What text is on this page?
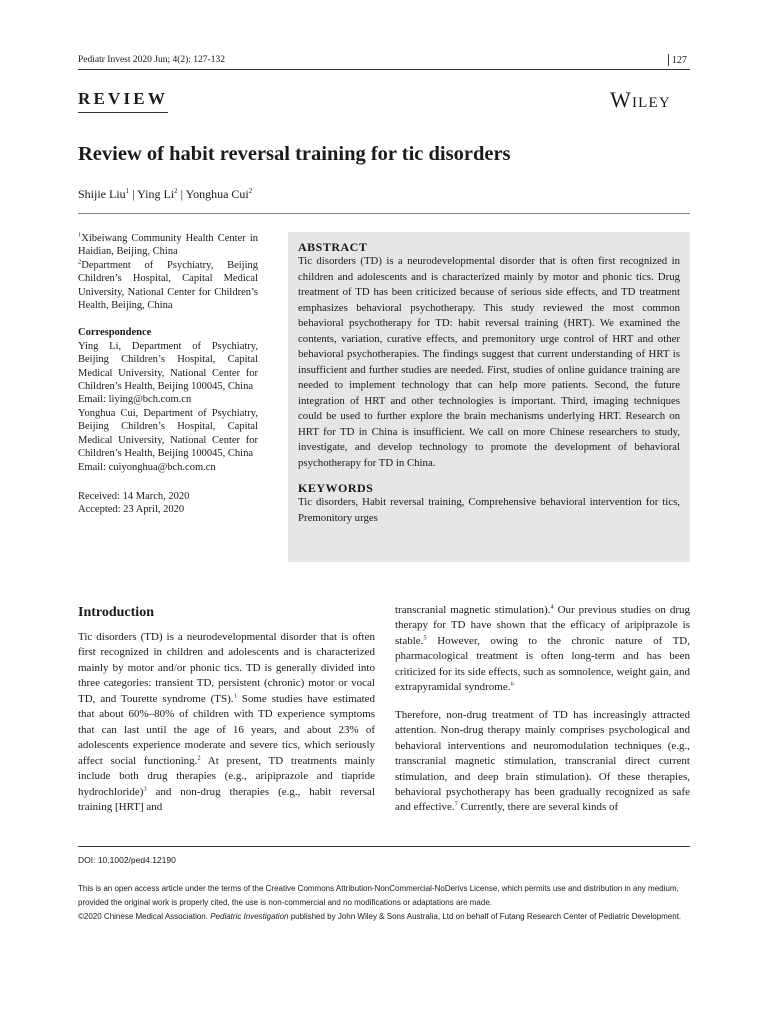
Pediatr Invest 2020 Jun; 4(2): 127-132	127
REVIEW	Wiley
Review of habit reversal training for tic disorders
Shijie Liu$^1$ | Ying Li$^2$ | Yonghua Cui$^2$

$^1$Xibeiwang Community Health Center in Haidian, Beijing, China

$^2$Department of Psychiatry, Beijing Children’s Hospital, Capital Medical University, National Center for Children’s Health, Beijing, China

Correspondence

Ying Li, Department of Psychiatry, Beijing Children’s Hospital, Capital Medical University, National Center for Children’s Health, Beijing 100045, China

Email: liying@bch.com.cn

Yonghua Cui, Department of Psychiatry, Beijing Children’s Hospital, Capital Medical University, National Center for Children’s Health, Beijing 100045, China

Email: cuiyonghua@bch.com.cn

Received: 14 March, 2020

Accepted: 23 April, 2020

ABSTRACT

Tic disorders (TD) is a neurodevelopmental disorder that is often first recognized in children and adolescents and is characterized mainly by motor and phonic tics. Drug treatment of TD has been criticized because of serious side effects, and TD treatment emphasizes behavioral psychotherapy. This study reviewed the most common behavioral psychotherapy for TD: habit reversal training (HRT). We examined the contents, variation, curative effects, and premonitory urge control of HRT and other behavioral psychotherapies. The findings suggest that current understanding of HRT is insufficient and further studies are needed. First, studies of online guidance training are needed to implement technology that can help more patients. Second, the future integration of HRT and other technologies is important. Third, imaging techniques could be used to further explore the brain mechanisms underlying HRT. Research on HRT for TD in China is insufficient. We call on more Chinese researchers to study, investigate, and develop technology to promote the development of behavioral psychotherapy for TD in China.

KEYWORDS

Tic disorders, Habit reversal training, Comprehensive behavioral intervention for tics, Premonitory urges

Introduction

Tic disorders (TD) is a neurodevelopmental disorder that is often first recognized in children and adolescents and is characterized mainly by motor and/or phonic tics. TD is generally divided into three categories: transient TD, persistent (chronic) motor or vocal TD, and Tourette syndrome (TS).$^1$ Some studies have estimated that about 60%–80% of children with TD experience symptoms that can last until the age of 16 years, and about 23% of adolescents experience moderate and severe tics, which seriously affect social functioning.$^2$ At present, TD treatments mainly include both drug therapies (e.g., aripiprazole and tiapride hydrochloride)$^3$ and non-drug therapies (e.g., habit reversal training [HRT] and

transcranial magnetic stimulation).$^4$ Our previous studies on drug therapy for TD have shown that the efficacy of aripiprazole is stable.$^5$ However, owing to the chronic nature of TD, pharmacological treatment is often long-term and has been criticized for its side effects, such as somnolence, weight gain, and extrapyramidal syndrome.$^6$

Therefore, non-drug treatment of TD has increasingly attracted attention. Non-drug therapy mainly comprises psychological and behavioral interventions and neuromodulation techniques (e.g., transcranial magnetic stimulation, transcranial direct current stimulation, and deep brain stimulation). Of these therapies, behavioral psychotherapy has been gradually recognized as safe and effective.$^7$ Currently, there are several kinds of

DOI: 10.1002/ped4.12190

This is an open access article under the terms of the Creative Commons Attribution-NonCommercial-NoDerivs License, which permits use and distribution in any medium, provided the original work is properly cited, the use is non-commercial and no modifications or adaptations are made.

©2020 Chinese Medical Association. Pediatric Investigation published by John Wiley & Sons Australia, Ltd on behalf of Futang Research Center of Pediatric Development.
